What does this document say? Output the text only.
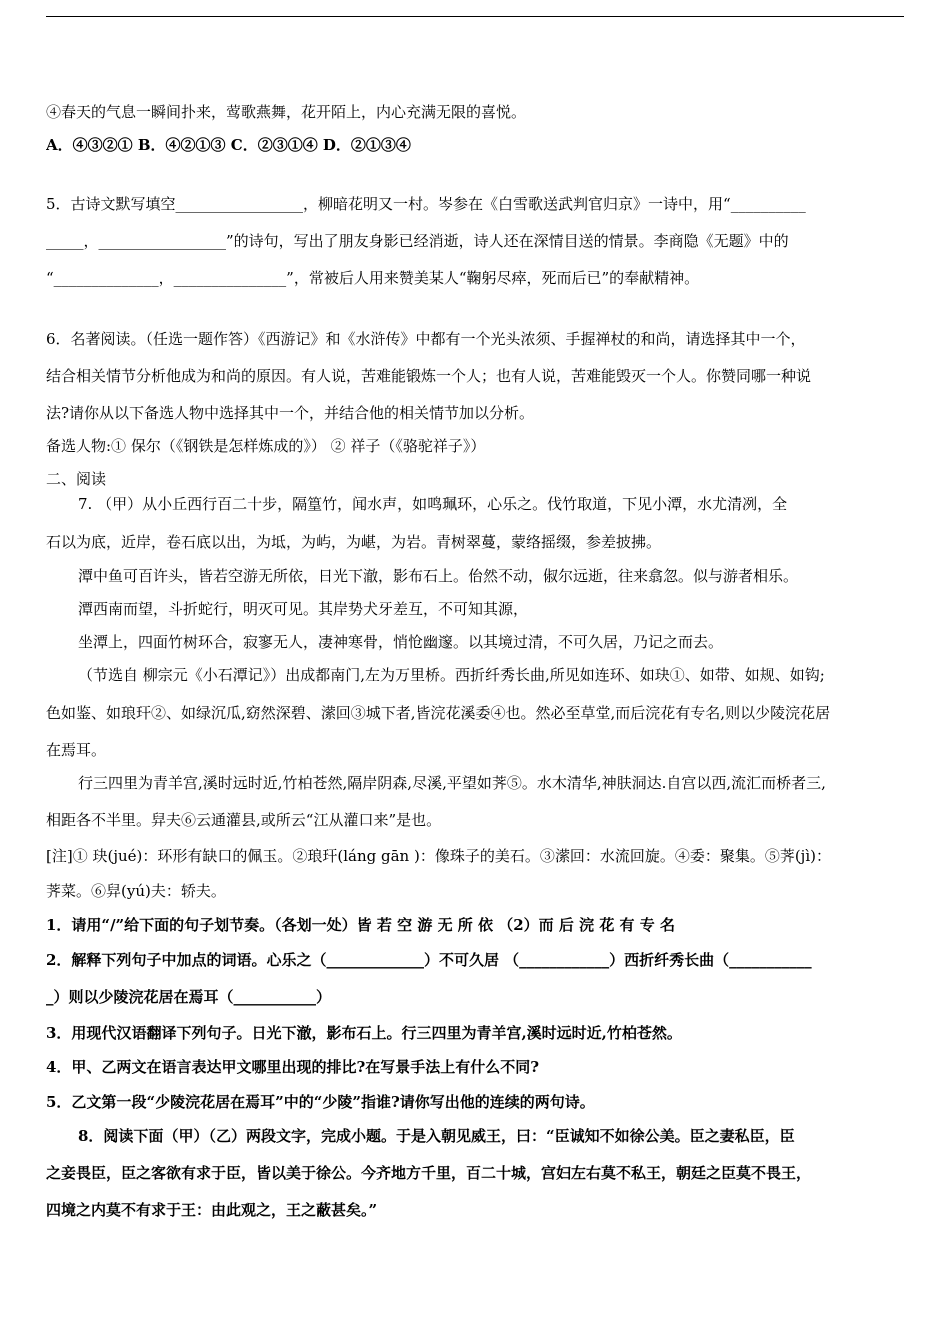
④春天的气息一瞬间扑来，莺歌燕舞，花开陌上，内心充满无限的喜悦。
A．④③②① B．④②①③ C．②③①④ D．②①③④
5．古诗文默写填空_________________，柳暗花明又一村。岑参在《白雪歌送武判官归京》一诗中，用“__________
_____，_________________”的诗句，写出了朋友身影已经消逝，诗人还在深情目送的情景。李商隐《无题》中的
“______________，_______________”，常被后人用来赞美某人“鞠躬尽瘁，死而后已”的奉献精神。
6．名著阅读。（任选一题作答）《西游记》和《水浒传》中都有一个光头浓须、手握禅杖的和尚，请选择其中一个，
结合相关情节分析他成为和尚的原因。有人说，苦难能锻炼一个人；也有人说，苦难能毁灭一个人。你赞同哪一种说
法?请你从以下备选人物中选择其中一个，并结合他的相关情节加以分析。
备选人物:① 保尔（《钢铁是怎样炼成的》） ② 祥子（《骆驼祥子》）
二、阅读
7. （甲）从小丘西行百二十步，隔篁竹，闻水声，如鸣珮环，心乐之。伐竹取道，下见小潭，水尤清冽，全
石以为底，近岸，卷石底以出，为坻，为屿，为嵁，为岩。青树翠蔓，蒙络摇缀，参差披拂。
潭中鱼可百许头，皆若空游无所依，日光下澈，影布石上。佁然不动，俶尔远逝，往来翕忽。似与游者相乐。
潭西南而望，斗折蛇行，明灭可见。其岸势犬牙差互，不可知其源，
坐潭上，四面竹树环合，寂寥无人，凄神寒骨，悄怆幽邃。以其境过清，不可久居，乃记之而去。
（节选自 柳宗元《小石潭记》）出成都南门,左为万里桥。西折纤秀长曲,所见如连环、如玦①、如带、如规、如钩;
色如鉴、如琅玕②、如绿沉瓜,窈然深碧、潆回③城下者,皆浣花溪委④也。然必至草堂,而后浣花有专名,则以少陵浣花居
在焉耳。
行三四里为青羊宫,溪时远时近,竹柏苍然,隔岸阴森,尽溪,平望如荠⑤。水木清华,神肤洞达.自宫以西,流汇而桥者三,
相距各不半里。舁夫⑥云通灌县,或所云“江从灌口来”是也。
[注]① 玦(jué)：环形有缺口的佩玉。②琅玕(láng gān )：像珠子的美石。③潆回：水流回旋。④委：聚集。⑤荠(jì)：
荠菜。⑥舁(yú)夫：轿夫。
1．请用“/”给下面的句子划节奏。（各划一处）皆 若 空 游 无 所 依 （2）而 后 浣 花 有 专 名
2．解释下列句子中加点的词语。心乐之（_____________）不可久居 （____________）西折纤秀长曲（___________
_）则以少陵浣花居在焉耳（___________）
3．用现代汉语翻译下列句子。日光下澈，影布石上。行三四里为青羊宫,溪时远时近,竹柏苍然。
4．甲、乙两文在语言表达甲文哪里出现的排比?在写景手法上有什么不同?
5．乙文第一段“少陵浣花居在焉耳”中的“少陵”指谁?请你写出他的连续的两句诗。
8．阅读下面（甲）（乙）两段文字，完成小题。于是入朝见威王，曰：“臣诚知不如徐公美。臣之妻私臣，臣
之妾畏臣，臣之客欲有求于臣，皆以美于徐公。今齐地方千里，百二十城，宫妇左右莫不私王，朝廷之臣莫不畏王，
四境之内莫不有求于王：由此观之，王之蔽甚矣。”
